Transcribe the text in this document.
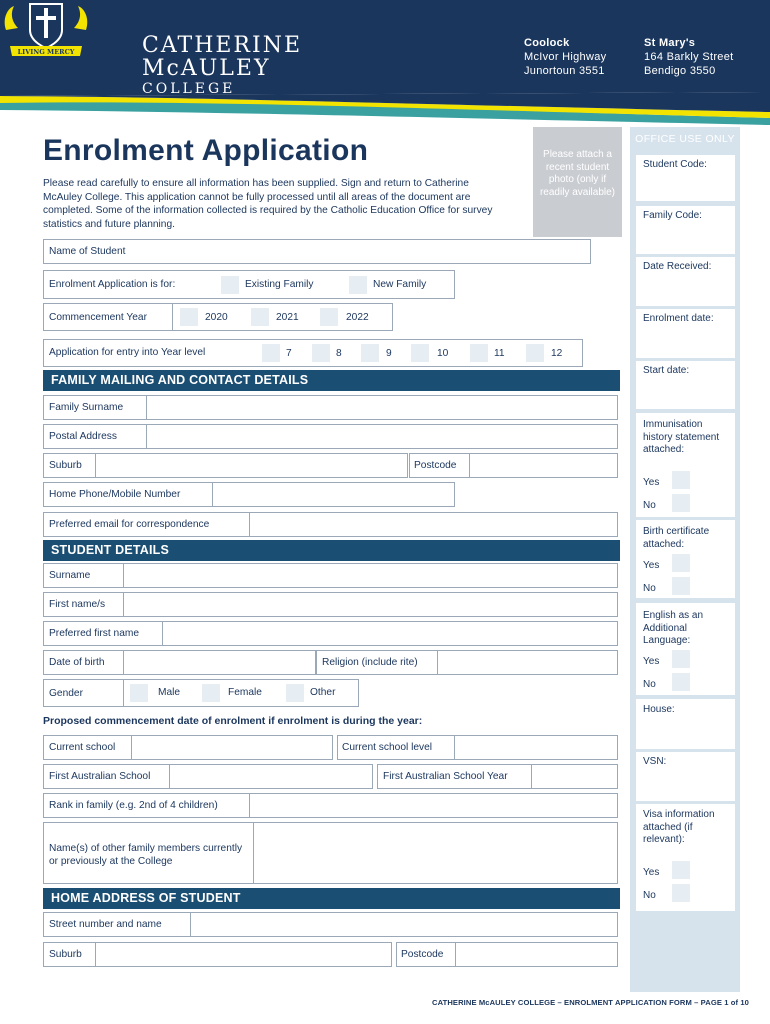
LIVING MERCY	CATHERINE
McAULEY
COLLEGE
Coolock
McIvor Highway
Junortoun 3551
St Mary's
164 Barkly Street
Bendigo 3550
Enrolment Application
Please read carefully to ensure all information has been supplied. Sign and return to Catherine McAuley College. This application cannot be fully processed until all areas of the document are completed. Some of the information collected is required by the Catholic Education Office for survey statistics and future planning.
Please attach a recent student photo (only if readily available)
OFFICE USE ONLY
Student Code:
Family Code:
Date Received:
Enrolment date:
Start date:
Immunisation history statement attached:
Yes
No
Birth certificate attached:
Yes
No
English as an Additional Language:
Yes
No
House:
VSN:
Visa information attached (if relevant):
Yes
No
Name of Student
Enrolment Application is for:	Existing Family	New Family
Commencement Year	2020	2021	2022
Application for entry into Year level	7	8	9	10	11	12
FAMILY MAILING AND CONTACT DETAILS
Family Surname
Postal Address
Suburb	Postcode
Home Phone/Mobile Number
Preferred email for correspondence
STUDENT DETAILS
Surname
First name/s
Preferred first name
Date of birth	Religion (include rite)
Gender	Male	Female	Other
Proposed commencement date of enrolment if enrolment is during the year:
Current school	Current school level
First Australian School	First Australian School Year
Rank in family (e.g. 2nd of 4 children)
Name(s) of other family members currently or previously at the College
HOME ADDRESS OF STUDENT
Street number and name
Suburb	Postcode
CATHERINE McAULEY COLLEGE – ENROLMENT APPLICATION FORM – PAGE 1 of 10
